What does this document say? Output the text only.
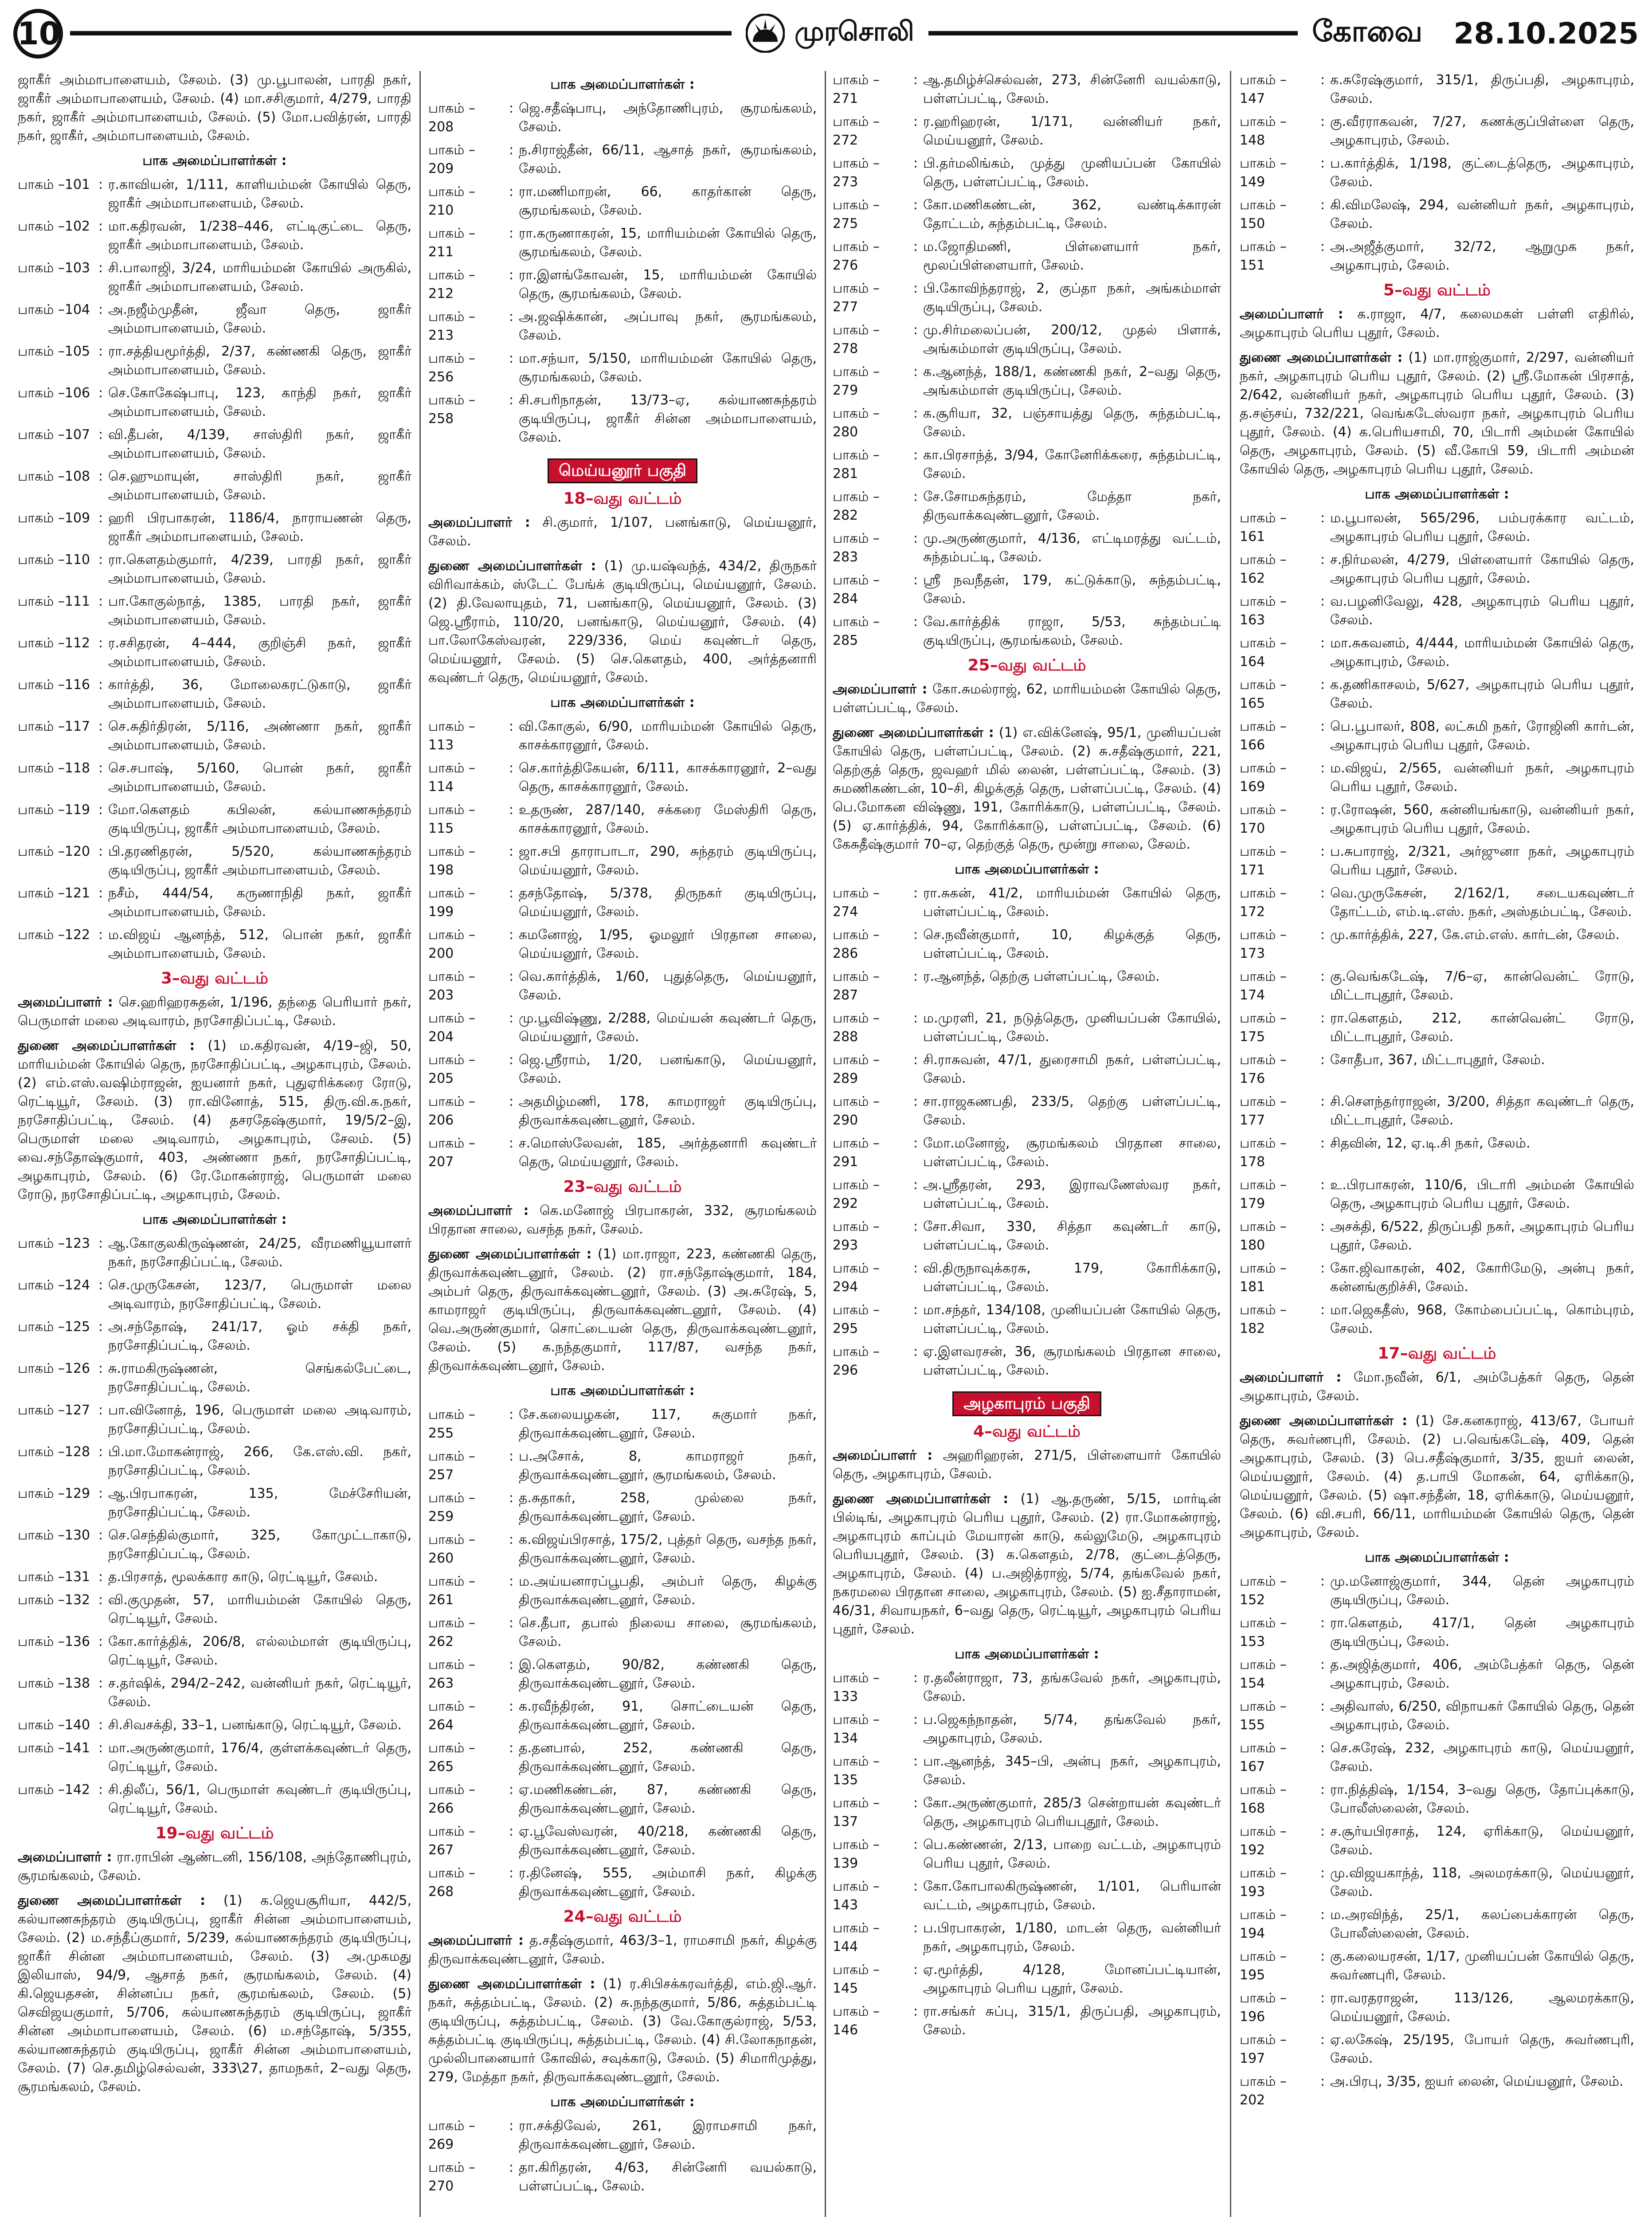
10	முரசொலி	கோவை 28.10.2025
ஜாகீர் அம்மாபாளையம், சேலம். (3) மு.பூபாலன், பாரதி நகர், ஜாகீர் அம்மாபாளையம், சேலம். (4) மா.சசிகுமார், 4/279, பாரதி நகர், ஜாகீர் அம்மாபாளையம், சேலம். (5) மோ.பவித்ரன், பாரதி நகர், ஜாகீர், அம்மாபாளையம், சேலம்.
பாக அமைப்பாளர்கள் :
பாகம் –101 : ர.காவியன், 1/111, காளியம்மன் கோயில் தெரு, ஜாகீர் அம்மாபாளையம், சேலம்.
பாகம் –102 : மா.கதிரவன், 1/238–446, எட்டிகுட்டை தெரு, ஜாகீர் அம்மாபாளையம், சேலம்.
பாகம் –103 : சி.பாலாஜி, 3/24, மாரியம்மன் கோயில் அருகில், ஜாகீர் அம்மாபாளையம், சேலம்.
பாகம் –104 : அ.நஜீம்முதீன், ஜீவா தெரு, ஜாகீர் அம்மாபாளையம், சேலம்.
பாகம் –105 : ரா.சத்தியமூர்த்தி, 2/37, கண்ணகி தெரு, ஜாகீர் அம்மாபாளையம், சேலம்.
பாகம் –106 : செ.கோகேஷ்பாபு, 123, காந்தி நகர், ஜாகீர் அம்மாபாளையம், சேலம்.
பாகம் –107 : வி.தீபன், 4/139, சாஸ்திரி நகர், ஜாகீர் அம்மாபாளையம், சேலம்.
பாகம் –108 : செ.ஹுமாயுன், சாஸ்திரி நகர், ஜாகீர் அம்மாபாளையம், சேலம்.
பாகம் –109 : ஹரி பிரபாகரன், 1186/4, நாராயணன் தெரு, ஜாகீர் அம்மாபாளையம், சேலம்.
பாகம் –110 : ரா.கௌதம்குமார், 4/239, பாரதி நகர், ஜாகீர் அம்மாபாளையம், சேலம்.
பாகம் –111 : பா.கோகுல்நாத், 1385, பாரதி நகர், ஜாகீர் அம்மாபாளையம், சேலம்.
பாகம் –112 : ர.சசிதரன், 4–444, குறிஞ்சி நகர், ஜாகீர் அம்மாபாளையம், சேலம்.
பாகம் –116 : கார்த்தி, 36, மோலைகரட்டுகாடு, ஜாகீர் அம்மாபாளையம், சேலம்.
பாகம் –117 : செ.சுதிர்திரன், 5/116, அண்ணா நகர், ஜாகீர் அம்மாபாளையம், சேலம்.
பாகம் –118 : செ.சபாஷ், 5/160, பொன் நகர், ஜாகீர் அம்மாபாளையம், சேலம்.
பாகம் –119 : மோ.கௌதம் கபிலன், கல்யாணசுந்தரம் குடியிருப்பு, ஜாகீர் அம்மாபாளையம், சேலம்.
பாகம் –120 : பி.தரணிதரன், 5/520, கல்யாணசுந்தரம் குடியிருப்பு, ஜாகீர் அம்மாபாளையம், சேலம்.
பாகம் –121 : நசீம், 444/54, கருணாநிதி நகர், ஜாகீர் அம்மாபாளையம், சேலம்.
பாகம் –122 : ம.விஜய் ஆனந்த், 512, பொன் நகர், ஜாகீர் அம்மாபாளையம், சேலம்.
3–வது வட்டம்
அமைப்பாளர் : செ.ஹரிஹரசுதன், 1/196, தந்தை பெரியார் நகர், பெருமாள் மலை அடிவாரம், நரசோதிப்பட்டி, சேலம்.
துணை அமைப்பாளர்கள் : (1) ம.கதிரவன், 4/19–ஜி, 50, மாரியம்மன் கோயில் தெரு, நரசோதிப்பட்டி, அழகாபுரம், சேலம். (2) எம்.எஸ்.வஷிம்ராஜன், ஐயனார் நகர், புதுஏரிக்கரை ரோடு, ரெட்டியூர், சேலம். (3) ரா.வினோத், 515, திரு.வி.க.நகர், நரசோதிப்பட்டி, சேலம். (4) தசரதேஷ்குமார், 19/5/2–இ, பெருமாள் மலை அடிவாரம், அழகாபுரம், சேலம். (5) வை.சந்தோஷ்குமார், 403, அண்ணா நகர், நரசோதிப்பட்டி, அழகாபுரம், சேலம். (6) ரே.மோகன்ராஜ், பெருமாள் மலை ரோடு, நரசோதிப்பட்டி, அழகாபுரம், சேலம்.
பாக அமைப்பாளர்கள் :
பாகம் –123 : ஆ.கோகுலகிருஷ்ணன், 24/25, வீரமணியூயாளர் நகர், நரசோதிப்பட்டி, சேலம்.
பாகம் –124 : செ.முருகேசன், 123/7, பெருமாள் மலை அடிவாரம், நரசோதிப்பட்டி, சேலம்.
பாகம் –125 : அ.சந்தோஷ், 241/17, ஓம் சக்தி நகர், நரசோதிப்பட்டி, சேலம்.
பாகம் –126 : சு.ராமகிருஷ்ணன், செங்கல்பேட்டை, நரசோதிப்பட்டி, சேலம்.
பாகம் –127 : பா.வினோத், 196, பெருமாள் மலை அடிவாரம், நரசோதிப்பட்டி, சேலம்.
பாகம் –128 : பி.மா.மோகன்ராஜ், 266, கே.எஸ்.வி. நகர், நரசோதிப்பட்டி, சேலம்.
பாகம் –129 : ஆ.பிரபாகரன், 135, மேச்சேரியன், நரசோதிப்பட்டி, சேலம்.
பாகம் –130 : செ.செந்தில்குமார், 325, கோமுட்டாகாடு, நரசோதிப்பட்டி, சேலம்.
பாகம் –131 : த.பிரசாத், மூலக்கார காடு, ரெட்டியூர், சேலம்.
பாகம் –132 : வி.குமுதன், 57, மாரியம்மன் கோயில் தெரு, ரெட்டியூர், சேலம்.
பாகம் –136 : கோ.கார்த்திக், 206/8, எல்லம்மாள் குடியிருப்பு, ரெட்டியூர், சேலம்.
பாகம் –138 : ச.தர்ஷிக், 294/2–242, வன்னியர் நகர், ரெட்டியூர், சேலம்.
பாகம் –140 : சி.சிவசக்தி, 33–1, பனங்காடு, ரெட்டியூர், சேலம்.
பாகம் –141 : மா.அருண்குமார், 176/4, குள்ளக்கவுண்டர் தெரு, ரெட்டியூர், சேலம்.
பாகம் –142 : சி.திலீப், 56/1, பெருமாள் கவுண்டர் குடியிருப்பு, ரெட்டியூர், சேலம்.
19–வது வட்டம்
அமைப்பாளர் : ரா.ராபின் ஆண்டனி, 156/108, அந்தோணிபுரம், சூரமங்கலம், சேலம்.
துணை அமைப்பாளர்கள் : (1) க.ஜெயசூரியா, 442/5, கல்யாணசுந்தரம் குடியிருப்பு, ஜாகீர் சின்ன அம்மாபாளையம், சேலம். (2) ம.சந்தீப்குமார், 5/239, கல்யாணசுந்தரம் குடியிருப்பு, ஜாகீர் சின்ன அம்மாபாளையம், சேலம். (3) அ.முகமது இலியாஸ், 94/9, ஆசாத் நகர், சூரமங்கலம், சேலம். (4) கி.ஜெயதசன், சின்னப்ப நகர், சூரமங்கலம், சேலம். (5) செவிஜயகுமார், 5/706, கல்யாணசுந்தரம் குடியிருப்பு, ஜாகீர் சின்ன அம்மாபாளையம், சேலம். (6) ம.சந்தோஷ், 5/355, கல்யாணசுந்தரம் குடியிருப்பு, ஜாகீர் சின்ன அம்மாபாளையம், சேலம். (7) செ.தமிழ்செல்வன், 333\27, தாமநகர், 2–வது தெரு, சூரமங்கலம், சேலம்.
பாக அமைப்பாளர்கள் :
பாகம் – 208
: ஜெ.சதீஷ்பாபு, அந்தோணிபுரம், சூரமங்கலம், சேலம்.
பாகம் – 209
: ந.சிராஜ்தீன், 66/11, ஆசாத் நகர், சூரமங்கலம், சேலம்.
பாகம் – 210
: ரா.மணிமாறன், 66, காதர்கான் தெரு, சூரமங்கலம், சேலம்.
பாகம் – 211
: ரா.கருணாகரன், 15, மாரியம்மன் கோயில் தெரு, சூரமங்கலம், சேலம்.
பாகம் – 212
: ரா.இளங்கோவன், 15, மாரியம்மன் கோயில் தெரு, சூரமங்கலம், சேலம்.
பாகம் – 213
: அ.ஜஷிக்கான், அப்பாவு நகர், சூரமங்கலம், சேலம்.
பாகம் – 256
: மா.சந்யா, 5/150, மாரியம்மன் கோயில் தெரு, சூரமங்கலம், சேலம்.
பாகம் – 258
: சி.சபரிநாதன், 13/73–ஏ, கல்யாணசுந்தரம் குடியிருப்பு, ஜாகீர் சின்ன அம்மாபாளையம், சேலம்.
மெய்யனூர் பகுதி
18–வது வட்டம்
அமைப்பாளர் : சி.குமார், 1/107, பனங்காடு, மெய்யனூர், சேலம்.
துணை அமைப்பாளர்கள் : (1) மு.யஷ்வந்த், 434/2, திருநகர் விரிவாக்கம், ஸ்டேட் பேங்க் குடியிருப்பு, மெய்யனூர், சேலம். (2) தி.வேலாயுதம், 71, பனங்காடு, மெய்யனூர், சேலம். (3) ஜெ.ஸ்ரீராம், 110/20, பனங்காடு, மெய்யனூர், சேலம். (4) பா.லோகேஸ்வரன், 229/336, மெய் கவுண்டர் தெரு, மெய்யனூர், சேலம். (5) செ.கௌதம், 400, அர்த்தனாரி கவுண்டர் தெரு, மெய்யனூர், சேலம்.
பாக அமைப்பாளர்கள் :
பாகம் – 113
: வி.கோகுல், 6/90, மாரியம்மன் கோயில் தெரு, காசக்காரனூர், சேலம்.
பாகம் – 114
: செ.கார்த்திகேயன், 6/111, காசக்காரனூர், 2–வது தெரு, காசக்காரனூர், சேலம்.
பாகம் – 115
: உதருண், 287/140, சக்கரை மேஸ்திரி தெரு, காசக்காரனூர், சேலம்.
பாகம் – 198
: ஜா.சபி தாராபாடா, 290, சுந்தரம் குடியிருப்பு, மெய்யனூர், சேலம்.
பாகம் – 199
: தசந்தோஷ், 5/378, திருநகர் குடியிருப்பு, மெய்யனூர், சேலம்.
பாகம் – 200
: கமனோஜ், 1/95, ஓமலூர் பிரதான சாலை, மெய்யனூர், சேலம்.
பாகம் – 203
: வெ.கார்த்திக், 1/60, புதுத்தெரு, மெய்யனூர், சேலம்.
பாகம் – 204
: மு.பூவிஷ்ணு, 2/288, மெய்யன் கவுண்டர் தெரு, மெய்யனூர், சேலம்.
பாகம் – 205
: ஜெ.ஸ்ரீராம், 1/20, பனங்காடு, மெய்யனூர், சேலம்.
பாகம் – 206
: அதமிழ்மணி, 178, காமராஜர் குடியிருப்பு, திருவாக்கவுண்டனூர், சேலம்.
பாகம் – 207
: ச.மொஸ்லேவன், 185, அர்த்தனாரி கவுண்டர் தெரு, மெய்யனூர், சேலம்.
23–வது வட்டம்
அமைப்பாளர் : கெ.மனோஜ் பிரபாகரன், 332, சூரமங்கலம் பிரதான சாலை, வசந்த நகர், சேலம்.
துணை அமைப்பாளர்கள் : (1) மா.ராஜா, 223, கண்ணகி தெரு, திருவாக்கவுண்டனூர், சேலம். (2) ரா.சந்தோஷ்குமார், 184, அம்பர் தெரு, திருவாக்கவுண்டனூர், சேலம். (3) அ.சுரேஷ், 5, காமராஜர் குடியிருப்பு, திருவாக்கவுண்டனூர், சேலம். (4) வெ.அருண்குமார், சொட்டையன் தெரு, திருவாக்கவுண்டனூர், சேலம். (5) க.நந்தகுமார், 117/87, வசந்த நகர், திருவாக்கவுண்டனூர், சேலம்.
பாக அமைப்பாளர்கள் :
பாகம் – 255
: சே.கலையழகன், 117, சுகுமார் நகர், திருவாக்கவுண்டனூர், சேலம்.
பாகம் – 257
: ப.அசோக், 8, காமராஜர் நகர், திருவாக்கவுண்டனூர், சூரமங்கலம், சேலம்.
பாகம் – 259
: த.சுதாகர், 258, முல்லை நகர், திருவாக்கவுண்டனூர், சேலம்.
பாகம் – 260
: க.விஜய்பிரசாத், 175/2, புத்தர் தெரு, வசந்த நகர், திருவாக்கவுண்டனூர், சேலம்.
பாகம் – 261
: ம.அய்யனாரப்பூபதி, அம்பர் தெரு, கிழக்கு திருவாக்கவுண்டனூர், சேலம்.
பாகம் – 262
: செ.தீபா, தபால் நிலைய சாலை, சூரமங்கலம், சேலம்.
பாகம் – 263
: இ.கௌதம், 90/82, கண்ணகி தெரு, திருவாக்கவுண்டனூர், சேலம்.
பாகம் – 264
: க.ரவீந்திரன், 91, சொட்டையன் தெரு, திருவாக்கவுண்டனூர், சேலம்.
பாகம் – 265
: த.தனபால், 252, கண்ணகி தெரு, திருவாக்கவுண்டனூர், சேலம்.
பாகம் – 266
: ஏ.மணிகண்டன், 87, கண்ணகி தெரு, திருவாக்கவுண்டனூர், சேலம்.
பாகம் – 267
: ஏ.பூவேஸ்வரன், 40/218, கண்ணகி தெரு, திருவாக்கவுண்டனூர், சேலம்.
பாகம் – 268
: ர.தினேஷ், 555, அம்மாசி நகர், கிழக்கு திருவாக்கவுண்டனூர், சேலம்.
24–வது வட்டம்
அமைப்பாளர் : த.சதீஷ்குமார், 463/3–1, ராமசாமி நகர், கிழக்கு திருவாக்கவுண்டனூர், சேலம்.
துணை அமைப்பாளர்கள் : (1) ர.சிபிசக்கரவர்த்தி, எம்.ஜி.ஆர். நகர், சுத்தம்பட்டி, சேலம். (2) சு.நந்தகுமார், 5/86, சுத்தம்பட்டி குடியிருப்பு, சுத்தம்பட்டி, சேலம். (3) வே.கோகுல்ராஜ், 5/53, சுத்தம்பட்டி குடியிருப்பு, சுத்தம்பட்டி, சேலம். (4) சி.லோகநாதன், முல்லிபானையார் கோவில், சவுக்காடு, சேலம். (5) சிமாரிமுத்து, 279, மேத்தா நகர், திருவாக்கவுண்டனூர், சேலம்.
பாக அமைப்பாளர்கள் :
பாகம் – 269
: ரா.சக்திவேல், 261, இராமசாமி நகர், திருவாக்கவுண்டனூர், சேலம்.
பாகம் – 270
: தா.கிரிதரன், 4/63, சின்னேரி வயல்காடு, பள்ளப்பட்டி, சேலம்.
பாகம் – 271
: ஆ.தமிழ்ச்செல்வன், 273, சின்னேரி வயல்காடு, பள்ளப்பட்டி, சேலம்.
பாகம் – 272
: ர.ஹரிஹரன், 1/171, வன்னியர் நகர், மெய்யனூர், சேலம்.
பாகம் – 273
: பி.தர்மலிங்கம், முத்து முனியப்பன் கோயில் தெரு, பள்ளப்பட்டி, சேலம்.
பாகம் – 275
: கோ.மணிகண்டன், 362, வண்டிக்காரன் தோட்டம், சுந்தம்பட்டி, சேலம்.
பாகம் – 276
: ம.ஜோதிமணி, பிள்ளையார் நகர், மூலப்பிள்ளையார், சேலம்.
பாகம் – 277
: பி.கோவிந்தராஜ், 2, குப்தா நகர், அங்கம்மாள் குடியிருப்பு, சேலம்.
பாகம் – 278
: மு.சிர்மலைப்பன், 200/12, முதல் பிளாக், அங்கம்மாள் குடியிருப்பு, சேலம்.
பாகம் – 279
: க.ஆனந்த், 188/1, கண்ணகி நகர், 2–வது தெரு, அங்கம்மாள் குடியிருப்பு, சேலம்.
பாகம் – 280
: க.சூரியா, 32, பஞ்சாயத்து தெரு, சுந்தம்பட்டி, சேலம்.
பாகம் – 281
: கா.பிரசாந்த், 3/94, கோனேரிக்கரை, சுந்தம்பட்டி, சேலம்.
பாகம் – 282
: சே.சோமசுந்தரம், மேத்தா நகர், திருவாக்கவுண்டனூர், சேலம்.
பாகம் – 283
: மு.அருண்குமார், 4/136, எட்டிமரத்து வட்டம், சுந்தம்பட்டி, சேலம்.
பாகம் – 284
: ஸ்ரீ நவநீதன், 179, கட்டுக்காடு, சுந்தம்பட்டி, சேலம்.
பாகம் – 285
: வே.கார்த்திக் ராஜா, 5/53, சுந்தம்பட்டி குடியிருப்பு, சூரமங்கலம், சேலம்.
25–வது வட்டம்
அமைப்பாளர் : கோ.சுமல்ராஜ், 62, மாரியம்மன் கோயில் தெரு, பள்ளப்பட்டி, சேலம்.
துணை அமைப்பாளர்கள் : (1) எ.விக்னேஷ், 95/1, முனியப்பன் கோயில் தெரு, பள்ளப்பட்டி, சேலம். (2) சு.சதீஷ்குமார், 221, தெற்குத் தெரு, ஜவஹர் மில் லைன், பள்ளப்பட்டி, சேலம். (3) சுமணிகண்டன், 10–சி, கிழக்குத் தெரு, பள்ளப்பட்டி, சேலம். (4) பெ.மோகன விஷ்ணு, 191, கோரிக்காடு, பள்ளப்பட்டி, சேலம். (5) ஏ.கார்த்திக், 94, கோரிக்காடு, பள்ளப்பட்டி, சேலம். (6) கேசுதீஷ்குமார் 70–ஏ, தெற்குத் தெரு, மூன்று சாலை, சேலம்.
பாக அமைப்பாளர்கள் :
பாகம் – 274
: ரா.சுகன், 41/2, மாரியம்மன் கோயில் தெரு, பள்ளப்பட்டி, சேலம்.
பாகம் – 286
: செ.நவீன்குமார், 10, கிழக்குத் தெரு, பள்ளப்பட்டி, சேலம்.
பாகம் – 287
: ர.ஆனந்த், தெற்கு பள்ளப்பட்டி, சேலம்.
பாகம் – 288
: ம.முரளி, 21, நடுத்தெரு, முனியப்பன் கோயில், பள்ளப்பட்டி, சேலம்.
பாகம் – 289
: சி.ராசுவன், 47/1, துரைசாமி நகர், பள்ளப்பட்டி, சேலம்.
பாகம் – 290
: சா.ராஜகணபதி, 233/5, தெற்கு பள்ளப்பட்டி, சேலம்.
பாகம் – 291
: மோ.மனோஜ், சூரமங்கலம் பிரதான சாலை, பள்ளப்பட்டி, சேலம்.
பாகம் – 292
: அ.ஸ்ரீதரன், 293, இராவணேஸ்வர நகர், பள்ளப்பட்டி, சேலம்.
பாகம் – 293
: சோ.சிவா, 330, சித்தா கவுண்டர் காடு, பள்ளப்பட்டி, சேலம்.
பாகம் – 294
: வி.திருநாவுக்கரசு, 179, கோரிக்காடு, பள்ளப்பட்டி, சேலம்.
பாகம் – 295
: மா.சந்தர், 134/108, முனியப்பன் கோயில் தெரு, பள்ளப்பட்டி, சேலம்.
பாகம் – 296
: ஏ.இளவரசன், 36, சூரமங்கலம் பிரதான சாலை, பள்ளப்பட்டி, சேலம்.
அழகாபுரம் பகுதி
4–வது வட்டம்
அமைப்பாளர் : அஹரிஹரன், 271/5, பிள்ளையார் கோயில் தெரு, அழகாபுரம், சேலம்.
துணை அமைப்பாளர்கள் : (1) ஆ.தருண், 5/15, மார்டின் பில்டிங், அழகாபுரம் பெரிய புதூர், சேலம். (2) ரா.மோகன்ராஜ், அழகாபுரம் காப்பும் மேயாரன் காடு, கல்லுமேடு, அழகாபுரம் பெரியபுதூர், சேலம். (3) க.கௌதம், 2/78, குட்டைத்தெரு, அழகாபுரம், சேலம். (4) ப.அஜித்ராஜ், 5/74, தங்கவேல் நகர், நகரமலை பிரதான சாலை, அழகாபுரம், சேலம். (5) ஐ.சீதாராமன், 46/31, சிவாயநகர், 6–வது தெரு, ரெட்டியூர், அழகாபுரம் பெரிய புதூர், சேலம்.
பாக அமைப்பாளர்கள் :
பாகம் – 133
: ர.தலீன்ராஜா, 73, தங்கவேல் நகர், அழகாபுரம், சேலம்.
பாகம் – 134
: ப.ஜெகந்நாதன், 5/74, தங்கவேல் நகர், அழகாபுரம், சேலம்.
பாகம் – 135
: பா.ஆனந்த், 345–பி, அன்பு நகர், அழகாபுரம், சேலம்.
பாகம் – 137
: கோ.அருண்குமார், 285/3 சென்றாயன் கவுண்டர் தெரு, அழகாபுரம் பெரியபுதூர், சேலம்.
பாகம் – 139
: பெ.கண்ணன், 2/13, பாறை வட்டம், அழகாபுரம் பெரிய புதூர், சேலம்.
பாகம் – 143
: கோ.கோபாலகிருஷ்ணன், 1/101, பெரியான் வட்டம், அழகாபுரம், சேலம்.
பாகம் – 144
: ப.பிரபாகரன், 1/180, மாடன் தெரு, வன்னியர் நகர், அழகாபுரம், சேலம்.
பாகம் – 145
: ஏ.மூர்த்தி, 4/128, மோனப்பட்டியான், அழகாபுரம் பெரிய புதூர், சேலம்.
பாகம் – 146
: ரா.சங்கர் சுப்பு, 315/1, திருப்பதி, அழகாபுரம், சேலம்.
பாகம் – 147
: க.சுரேஷ்குமார், 315/1, திருப்பதி, அழகாபுரம், சேலம்.
பாகம் – 148
: கு.வீரராகவன், 7/27, கணக்குப்பிள்ளை தெரு, அழகாபுரம், சேலம்.
பாகம் – 149
: ப.கார்த்திக், 1/198, குட்டைத்தெரு, அழகாபுரம், சேலம்.
பாகம் – 150
: கி.விமலேஷ், 294, வன்னியர் நகர், அழகாபுரம், சேலம்.
பாகம் – 151
: அ.அஜீத்குமார், 32/72, ஆறுமுக நகர், அழகாபுரம், சேலம்.
5–வது வட்டம்
அமைப்பாளர் : க.ராஜா, 4/7, கலைமகள் பள்ளி எதிரில், அழகாபுரம் பெரிய புதூர், சேலம்.
துணை அமைப்பாளர்கள் : (1) மா.ராஜ்குமார், 2/297, வன்னியர் நகர், அழகாபுரம் பெரிய புதூர், சேலம். (2) ஸ்ரீ.மோகன் பிரசாத், 2/642, வன்னியர் நகர், அழகாபுரம் பெரிய புதூர், சேலம். (3) த.சஞ்சய், 732/221, வெங்கடேஸ்வரா நகர், அழகாபுரம் பெரிய புதூர், சேலம். (4) க.பெரியசாமி, 70, பிடாரி அம்மன் கோயில் தெரு, அழகாபுரம், சேலம். (5) வீ.கோபி 59, பிடாரி அம்மன் கோயில் தெரு, அழகாபுரம் பெரிய புதூர், சேலம்.
பாக அமைப்பாளர்கள் :
பாகம் – 161
: ம.பூபாலன், 565/296, பம்பரக்கார வட்டம், அழகாபுரம் பெரிய புதூர், சேலம்.
பாகம் – 162
: ச.நிர்மலன், 4/279, பிள்ளையார் கோயில் தெரு, அழகாபுரம் பெரிய புதூர், சேலம்.
பாகம் – 163
: வ.பழனிவேலு, 428, அழகாபுரம் பெரிய புதூர், சேலம்.
பாகம் – 164
: மா.சுகவனம், 4/444, மாரியம்மன் கோயில் தெரு, அழகாபுரம், சேலம்.
பாகம் – 165
: க.தணிகாசலம், 5/627, அழகாபுரம் பெரிய புதூர், சேலம்.
பாகம் – 166
: பெ.பூபாலர், 808, லட்சுமி நகர், ரோஜினி கார்டன், அழகாபுரம் பெரிய புதூர், சேலம்.
பாகம் – 169
: ம.விஜய், 2/565, வன்னியர் நகர், அழகாபுரம் பெரிய புதூர், சேலம்.
பாகம் – 170
: ர.ரோஷன், 560, கன்னியங்காடு, வன்னியர் நகர், அழகாபுரம் பெரிய புதூர், சேலம்.
பாகம் – 171
: ப.சுபாராஜ், 2/321, அர்ஜுனா நகர், அழகாபுரம் பெரிய புதூர், சேலம்.
பாகம் – 172
: வெ.முருகேசன், 2/162/1, சடையகவுண்டர் தோட்டம், எம்.டி.எஸ். நகர், அஸ்தம்பட்டி, சேலம்.
பாகம் – 173
: மு.கார்த்திக், 227, கே.எம்.எஸ். கார்டன், சேலம்.
பாகம் – 174
: கு.வெங்கடேஷ், 7/6–ஏ, கான்வென்ட் ரோடு, மிட்டாபுதூர், சேலம்.
பாகம் – 175
: ரா.கௌதம், 212, கான்வென்ட் ரோடு, மிட்டாபுதூர், சேலம்.
பாகம் – 176
: சோதீபா, 367, மிட்டாபுதூர், சேலம்.
பாகம் – 177
: சி.சௌந்தர்ராஜன், 3/200, சித்தா கவுண்டர் தெரு, மிட்டாபுதூர், சேலம்.
பாகம் – 178
: சிதவின், 12, ஏ.டி.சி நகர், சேலம்.
பாகம் – 179
: உ.பிரபாகரன், 110/6, பிடாரி அம்மன் கோயில் தெரு, அழகாபுரம் பெரிய புதூர், சேலம்.
பாகம் – 180
: அசக்தி, 6/522, திருப்பதி நகர், அழகாபுரம் பெரிய புதூர், சேலம்.
பாகம் – 181
: கோ.ஜிவாகரன், 402, கோரிமேடு, அன்பு நகர், கன்னங்குறிச்சி, சேலம்.
பாகம் – 182
: மா.ஜெகதீஸ், 968, கோம்பைப்பட்டி, கொம்புரம், சேலம்.
17–வது வட்டம்
அமைப்பாளர் : மோ.நவீன், 6/1, அம்பேத்கர் தெரு, தென் அழகாபுரம், சேலம்.
துணை அமைப்பாளர்கள் : (1) சே.கனகராஜ், 413/67, போயர் தெரு, சுவர்ணபுரி, சேலம். (2) ப.வெங்கடேஷ், 409, தென் அழகாபுரம், சேலம். (3) பெ.சதீஷ்குமார், 3/35, ஐயர் லைன், மெய்யனூர், சேலம். (4) த.பாபி மோகன், 64, ஏரிக்காடு, மெய்யனூர், சேலம். (5) ஷா.சந்தீன், 18, ஏரிக்காடு, மெய்யனூர், சேலம். (6) வி.சபரி, 66/11, மாரியம்மன் கோயில் தெரு, தென் அழகாபுரம், சேலம்.
பாக அமைப்பாளர்கள் :
பாகம் – 152
: மு.மனோஜ்குமார், 344, தென் அழகாபுரம் குடியிருப்பு, சேலம்.
பாகம் – 153
: ரா.கௌதம், 417/1, தென் அழகாபுரம் குடியிருப்பு, சேலம்.
பாகம் – 154
: த.அஜித்குமார், 406, அம்பேத்கர் தெரு, தென் அழகாபுரம், சேலம்.
பாகம் – 155
: அதிவாஸ், 6/250, விநாயகர் கோயில் தெரு, தென் அழகாபுரம், சேலம்.
பாகம் – 167
: செ.சுரேஷ், 232, அழகாபுரம் காடு, மெய்யனூர், சேலம்.
பாகம் – 168
: ரா.நித்திஷ், 1/154, 3–வது தெரு, தோப்புக்காடு, போலீஸ்லைன், சேலம்.
பாகம் – 192
: ச.சூர்யபிரசாத், 124, ஏரிக்காடு, மெய்யனூர், சேலம்.
பாகம் – 193
: மு.விஜயகாந்த், 118, அலமரக்காடு, மெய்யனூர், சேலம்.
பாகம் – 194
: ம.அரவிந்த், 25/1, கலப்பைக்காரன் தெரு, போலீஸ்லைன், சேலம்.
பாகம் – 195
: கு.கலையரசன், 1/17, முனியப்பன் கோயில் தெரு, சுவர்ணபுரி, சேலம்.
பாகம் – 196
: ரா.வரதராஜன், 113/126, ஆலமரக்காடு, மெய்யனூர், சேலம்.
பாகம் – 197
: ஏ.லகேஷ், 25/195, போயர் தெரு, சுவர்ணபுரி, சேலம்.
பாகம் – 202
: அ.பிரபு, 3/35, ஐயர் லைன், மெய்யனூர், சேலம்.
